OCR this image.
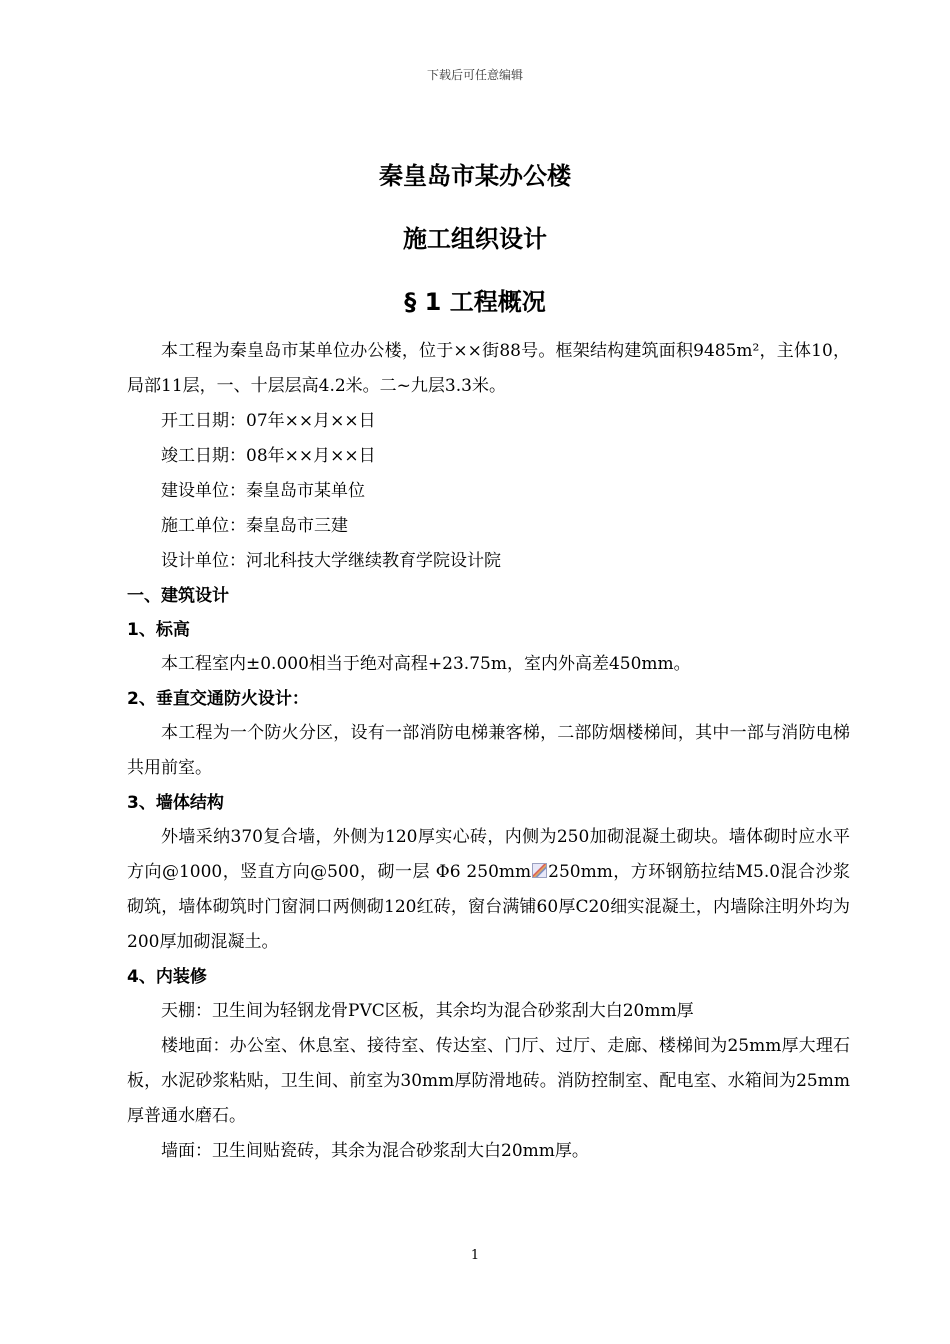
下载后可任意编辑
秦皇岛市某办公楼
施工组织设计
§ 1 工程概况

本工程为秦皇岛市某单位办公楼，位于××街88号。框架结构建筑面积9485m²，主体10，局部11层，一、十层层高4.2米。二~九层3.3米。

开工日期：07年××月××日

竣工日期：08年××月××日

建设单位：秦皇岛市某单位

施工单位：秦皇岛市三建

设计单位：河北科技大学继续教育学院设计院

一、建筑设计
1、标高

本工程室内±0.000相当于绝对高程+23.75m，室内外高差450mm。

2、垂直交通防火设计：

本工程为一个防火分区，设有一部消防电梯兼客梯，二部防烟楼梯间，其中一部与消防电梯共用前室。

3、墙体结构

外墙采纳370复合墙，外侧为120厚实心砖，内侧为250加砌混凝土砌块。墙体砌时应水平方向@1000，竖直方向@500，砌一层 Φ6 250mm 250mm，方环钢筋拉结M5.0混合沙浆砌筑，墙体砌筑时门窗洞口两侧砌120红砖，窗台满铺60厚C20细实混凝土，内墙除注明外均为200厚加砌混凝土。

4、内装修

天棚：卫生间为轻钢龙骨PVC区板，其余均为混合砂浆刮大白20mm厚

楼地面：办公室、休息室、接待室、传达室、门厅、过厅、走廊、楼梯间为25mm厚大理石板，水泥砂浆粘贴，卫生间、前室为30mm厚防滑地砖。消防控制室、配电室、水箱间为25mm厚普通水磨石。

墙面：卫生间贴瓷砖，其余为混合砂浆刮大白20mm厚。

1
